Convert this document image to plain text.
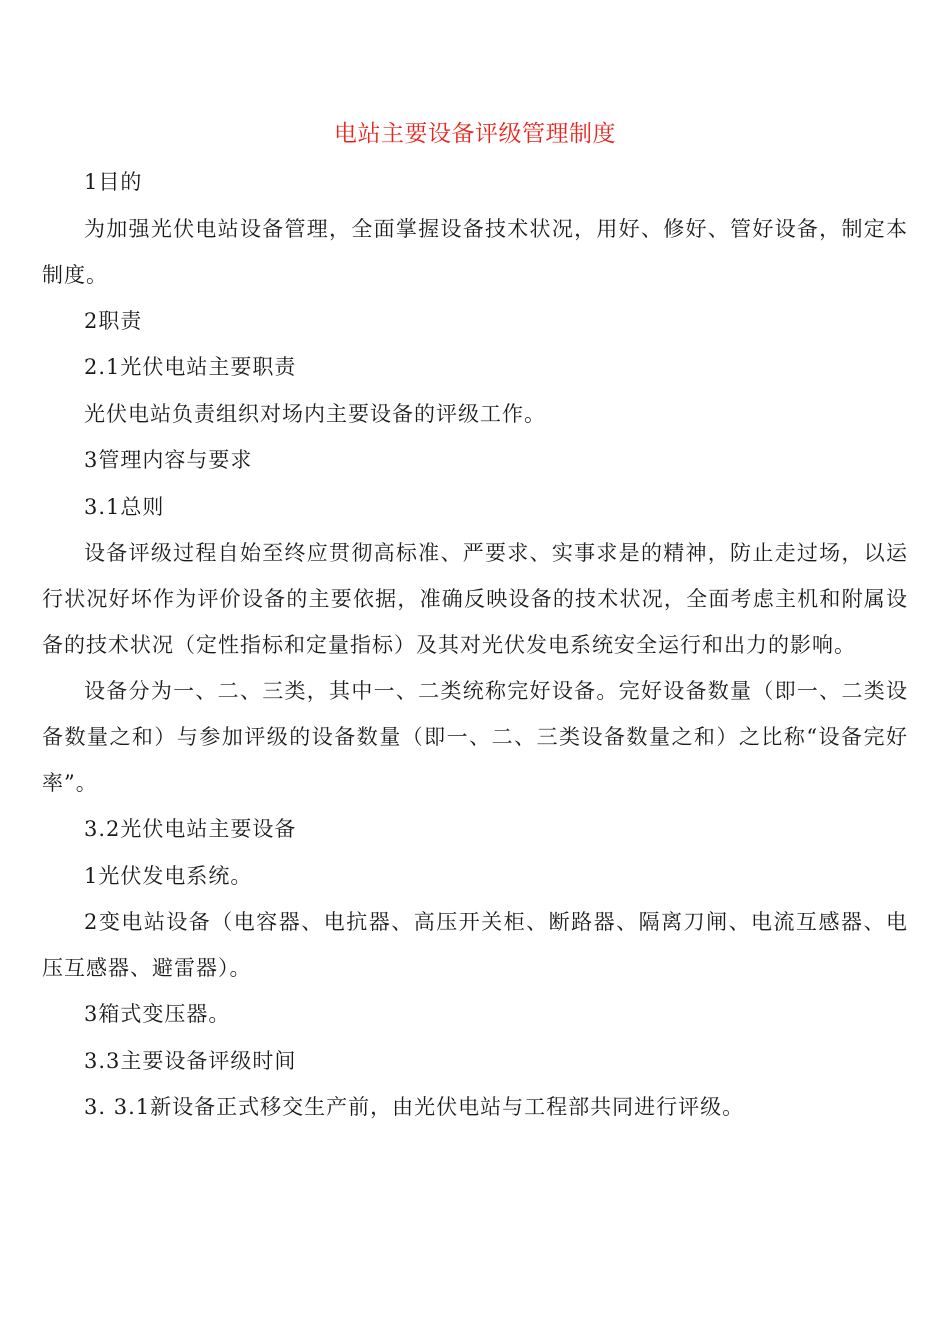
电站主要设备评级管理制度

1目的

为加强光伏电站设备管理，全面掌握设备技术状况，用好、修好、管好设备，制定本制度。

2职责

2.1光伏电站主要职责

光伏电站负责组织对场内主要设备的评级工作。

3管理内容与要求

3.1总则

设备评级过程自始至终应贯彻高标准、严要求、实事求是的精神，防止走过场，以运行状况好坏作为评价设备的主要依据，准确反映设备的技术状况，全面考虑主机和附属设备的技术状况（定性指标和定量指标）及其对光伏发电系统安全运行和出力的影响。

设备分为一、二、三类，其中一、二类统称完好设备。完好设备数量（即一、二类设备数量之和）与参加评级的设备数量（即一、二、三类设备数量之和）之比称“设备完好率”。

3.2光伏电站主要设备

1光伏发电系统。

2变电站设备（电容器、电抗器、高压开关柜、断路器、隔离刀闸、电流互感器、电压互感器、避雷器）。

3箱式变压器。

3.3主要设备评级时间

3. 3.1新设备正式移交生产前，由光伏电站与工程部共同进行评级。
